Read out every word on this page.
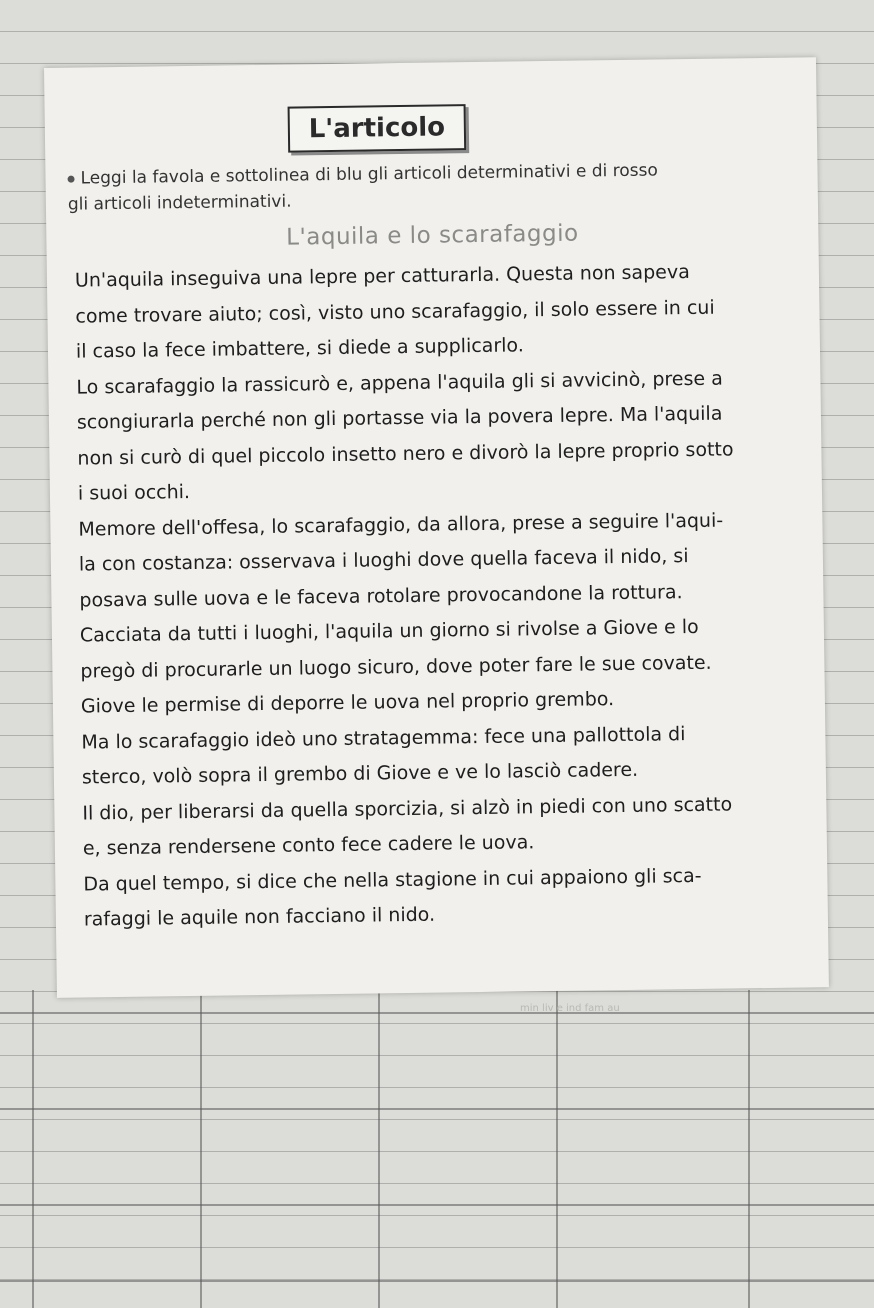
L'articolo
Leggi la favola e sottolinea di blu gli articoli determinativi e di rosso
gli articoli indeterminativi.
L'aquila e lo scarafaggio
Un'aquila inseguiva una lepre per catturarla. Questa non sapeva
come trovare aiuto; così, visto uno scarafaggio, il solo essere in cui
il caso la fece imbattere, si diede a supplicarlo.
Lo scarafaggio la rassicurò e, appena l'aquila gli si avvicinò, prese a
scongiurarla perché non gli portasse via la povera lepre. Ma l'aquila
non si curò di quel piccolo insetto nero e divorò la lepre proprio sotto
i suoi occhi.
Memore dell'offesa, lo scarafaggio, da allora, prese a seguire l'aqui-
la con costanza: osservava i luoghi dove quella faceva il nido, si
posava sulle uova e le faceva rotolare provocandone la rottura.
Cacciata da tutti i luoghi, l'aquila un giorno si rivolse a Giove e lo
pregò di procurarle un luogo sicuro, dove poter fare le sue covate.
Giove le permise di deporre le uova nel proprio grembo.
Ma lo scarafaggio ideò uno stratagemma: fece una pallottola di
sterco, volò sopra il grembo di Giove e ve lo lasciò cadere.
Il dio, per liberarsi da quella sporcizia, si alzò in piedi con uno scatto
e, senza rendersene conto fece cadere le uova.
Da quel tempo, si dice che nella stagione in cui appaiono gli sca-
rafaggi le aquile non facciano il nido.
min liv e ind fam au
